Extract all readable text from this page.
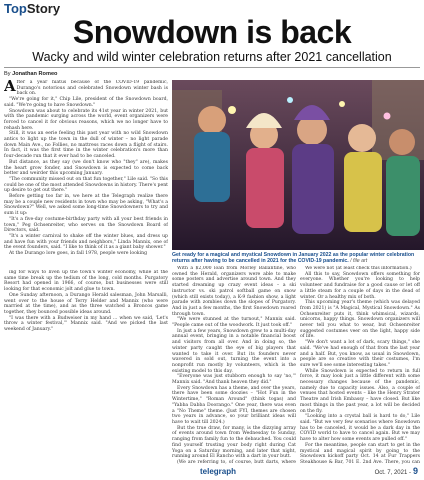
TopStory
Snowdown is back
Wacky and wild winter celebration returns after 2021 cancellation
By Jonathan Romeo

After a year hiatus because of the COVID-19 pandemic, Durango's notorious and celebrated Snowdown winter bash is back on.

"We're going for it," Chip Lile, president of the Snowdown board, said. "We're going to have Snowdown."

Snowdown was about to celebrate its 41st year in winter 2021, but with the pandemic surging across the world, event organizers were forced to cancel it for obvious reasons, which we no longer have to rehash here.

Still, it was an eerie feeling this past year with no wild Snowdown antics to light up the town in the dull of winter – no light parade down Main Ave., no Follies, no mattress races down a flight of stairs. In fact, it was the first time in the winter celebration's more than four-decade run that it ever had to be canceled.

But distance, as they say (we don't know who "they" are), makes the heart grow fonder, and Snowdown is expected to come back better and weirder this upcoming January.

"The community missed out on that fun together," Lile said. "So this could be one of the most attended Snowdowns in history. There's pent up desire to get out there."

Before getting too far in, we here at the Telegraph realize there may be a couple new residents in town who may be asking, "What's a Snowdown?" Well, we asked some long-time Snowdowners to try and sum it up:

"It's a five-day costume-birthday party with all your best friends in town," Peg Ochsenreiter, who serves on the Snowdown Board of Directors, said.

"It's a winter carnival to shake off the winter blues, and dress up and have fun with your friends and neighbors," Linda Mannix, one of the event founders, said. "I like to think of it as a giant baby shower."

At the Durango lore goes, in fall 1978, people were looking	Get ready for a magical and mystical Snowdown in January 2022 as the popular winter celebration returns after having to be cancelled in 2021 for the COVID-19 pandemic. / file art

ing for ways to liven up the town's winter economy, while at the same time break up the tedium of the long, cold months. Purgatory Resort had opened in 1966, of course, but businesses were still looking for that economic jolt and glue to town.

One Sunday afternoon, a Durango Herald salesman, John Marsalli, went over to the house of Terry Helder and Mannix (who were married at the time), and as the three watched a Broncos game together, they bounced possible ideas around.

"I was there with a Budweiser in my hand ... when we said, 'Let's throw a winter festival,'" Mannix said. "And we picked the last weekend of January."

With a $2,000 loan from Morley Ballantine, who owned the Herald, organizers were able to make some posters and advertise around town. And they started dreaming up crazy event ideas – a ski instructor vs. ski patrol softball game on snow (which still exists today), a K-9 fashion show, a light parade with zombies down the slopes of Purgatory. And in just a few months, the first Snowdown roared through town.

"We were stunned at the turnout," Mannix said. "People came out of the woodwork. It just took off."

In just a few years, Snowdown grew to a multi-day annual event, bringing in a notable financial boost and visitors from all over. And in doing so, the winter party caught the eye of big players that wanted to take it over. But its founders never wavered in sold out, turning the event into a nonprofit run mostly by volunteers, which is the existing model to this day.

"Everyone was just stubborn enough to say 'no,'" Mannix said. "And thank heaven they did."

Every Snowdown has a theme, and over the years, there have been some doozies – "Hot Fun in the Wintertime," "Roman Around" (think togas) and "Yabba Dabba Doorango." One year, there was even a "No Theme" theme. (Just FYI, themes are chosen two years in advance, so your brilliant ideas will have to wait till 2024.)

But the true draw, for many, is the dizzying array of events around town from Wednesday to Sunday, ranging from family fun to the debauched. You could find yourself trusting your body right during Cat Yoga on a Saturday morning, and later that night, running around El Rancho with a dart in your butt.

(We are referring to, of course, butt darts, where

We were not (at least check this information.)

All this to say, Snowdown offers something for everyone. Whether you're looking to help volunteer and fundraise for a good cause or let off a little steam for a couple of days in the dead of winter. Or a healthy mix of both.

This upcoming year's theme (which was delayed from 2021) is "A Magical, Mystical Snowdown." As Ochsenreiter puts it, think whimsical, wizards, unicorns, happy things. Snowdown organizers will never tell you what to wear, but Ochsenreiter suggested costumes veer on the light, happy side of life.

"We don't want a lot of dark, scary things," she said. "We've had enough of that from the last year and a half. But, you know, as usual in Snowdown, people are so creative with their costumes, I'm sure we'll see some interesting takes."

While Snowdown is expected to return in full force, it may look just a little different with some necessary changes because of the pandemic, namely due to capacity issues. Also, a couple of venues that hosted events – like the Henry Strater Theatre and Irish Embassy – have closed. But like most things in the past year, a lot will be decided on the fly.

"Looking into a crystal ball is hard to do," Lile said. "But we very few scenarios where Snowdown has to be canceled, it would be a dark day in the COVID world to have to cancel again. But we may have to alter how some events are pulled off."

For the meantime, people can start to get in the mystical and magical spirit by going to the Snowdown kickoff party Oct. 14 at Fur Trappers Steakhouse & Bar, 701 E. 2nd Ave. There, you can

telegraph	Oct. 7, 2021 - 9
